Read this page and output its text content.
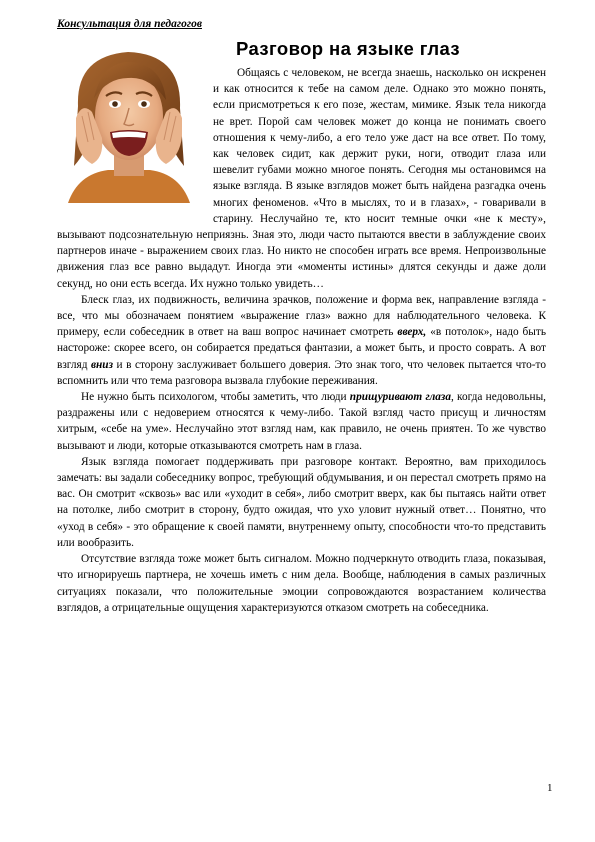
Консультация для педагогов
Разговор на языке глаз

Общаясь с человеком, не всегда знаешь, насколько он искренен и как относится к тебе на самом деле. Однако это можно понять, если присмотреться к его позе, жестам, мимике. Язык тела никогда не врет. Порой сам человек может до конца не понимать своего отношения к чему-либо, а его тело уже даст на все ответ. По тому, как человек сидит, как держит руки, ноги, отводит глаза или шевелит губами можно многое понять. Сегодня мы остановимся на языке взгляда. В языке взглядов может быть найдена разгадка очень многих феноменов. «Что в мыслях, то и в глазах», - говаривали в старину. Неслучайно те, кто носит темные очки «не к месту», вызывают подсознательную неприязнь. Зная это, люди часто пытаются ввести в заблуждение своих партнеров иначе - выражением своих глаз. Но никто не способен играть все время. Непроизвольные движения глаз все равно выдадут. Иногда эти «моменты истины» длятся секунды и даже доли секунд, но они есть всегда. Их нужно только увидеть…

Блеск глаз, их подвижность, величина зрачков, положение и форма век, направление взгляда - все, что мы обозначаем понятием «выражение глаз» важно для наблюдательного человека. К примеру, если собеседник в ответ на ваш вопрос начинает смотреть вверх, «в потолок», надо быть настороже: скорее всего, он собирается предаться фантазии, а может быть, и просто соврать. А вот взгляд вниз и в сторону заслуживает большего доверия. Это знак того, что человек пытается что-то вспомнить или что тема разговора вызвала глубокие переживания.

Не нужно быть психологом, чтобы заметить, что люди прищуривают глаза, когда недовольны, раздражены или с недоверием относятся к чему-либо. Такой взгляд часто присущ и личностям хитрым, «себе на уме». Неслучайно этот взгляд нам, как правило, не очень приятен. То же чувство вызывают и люди, которые отказываются смотреть нам в глаза.

Язык взгляда помогает поддерживать при разговоре контакт. Вероятно, вам приходилось замечать: вы задали собеседнику вопрос, требующий обдумывания, и он перестал смотреть прямо на вас. Он смотрит «сквозь» вас или «уходит в себя», либо смотрит вверх, как бы пытаясь найти ответ на потолке, либо смотрит в сторону, будто ожидая, что ухо уловит нужный ответ… Понятно, что «уход в себя» - это обращение к своей памяти, внутреннему опыту, способности что-то представить или вообразить.

Отсутствие взгляда тоже может быть сигналом. Можно подчеркнуто отводить глаза, показывая, что игнорируешь партнера, не хочешь иметь с ним дела. Вообще, наблюдения в самых различных ситуациях показали, что положительные эмоции сопровождаются возрастанием количества взглядов, а отрицательные ощущения характеризуются отказом смотреть на собеседника.

1
